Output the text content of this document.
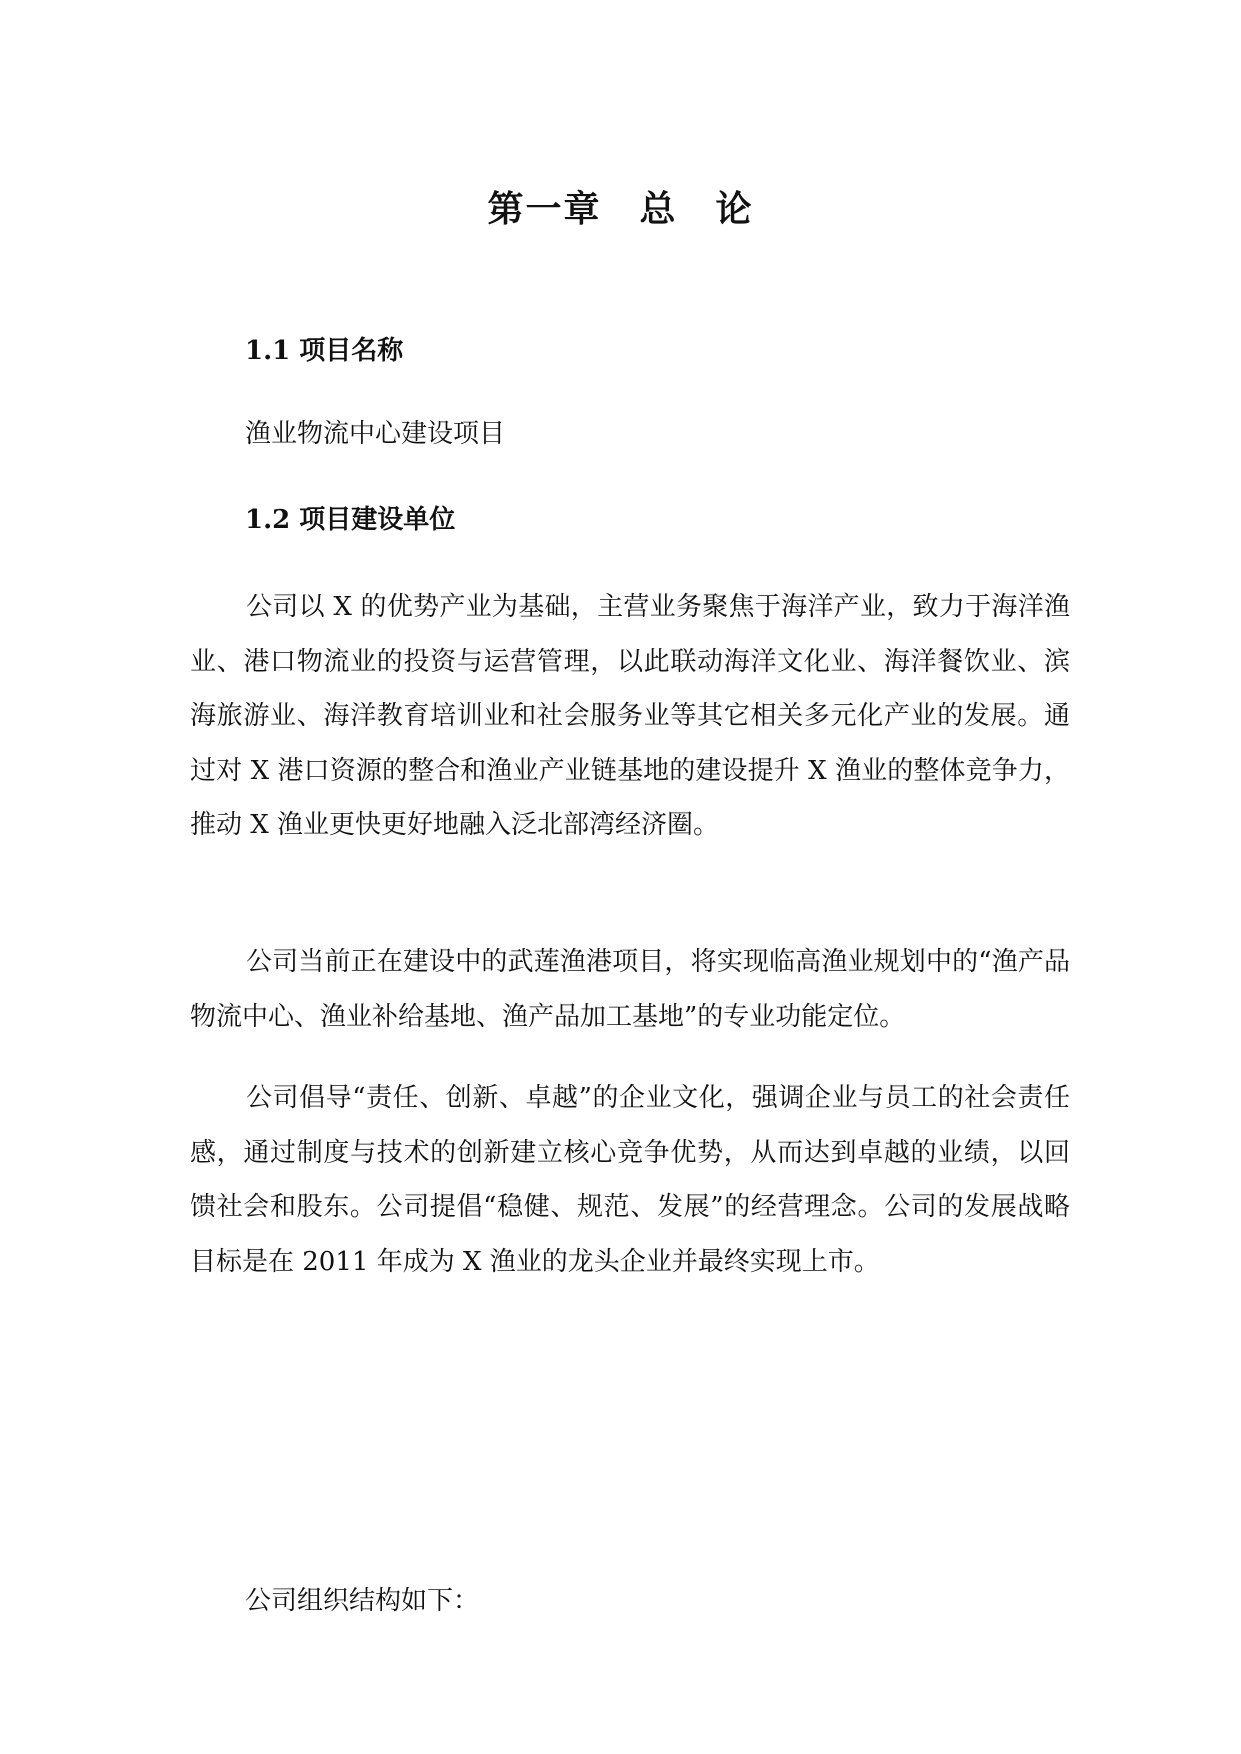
第一章 总 论
1.1 项目名称
渔业物流中心建设项目
1.2 项目建设单位

公司以 X 的优势产业为基础，主营业务聚焦于海洋产业，致力于海洋渔业、港口物流业的投资与运营管理，以此联动海洋文化业、海洋餐饮业、滨海旅游业、海洋教育培训业和社会服务业等其它相关多元化产业的发展。通过对 X 港口资源的整合和渔业产业链基地的建设提升 X 渔业的整体竞争力，推动 X 渔业更快更好地融入泛北部湾经济圈。

公司当前正在建设中的武莲渔港项目，将实现临高渔业规划中的“渔产品物流中心、渔业补给基地、渔产品加工基地”的专业功能定位。

公司倡导“责任、创新、卓越”的企业文化，强调企业与员工的社会责任感，通过制度与技术的创新建立核心竞争优势，从而达到卓越的业绩，以回馈社会和股东。公司提倡“稳健、规范、发展”的经营理念。公司的发展战略目标是在 2011 年成为 X 渔业的龙头企业并最终实现上市。

公司组织结构如下：
